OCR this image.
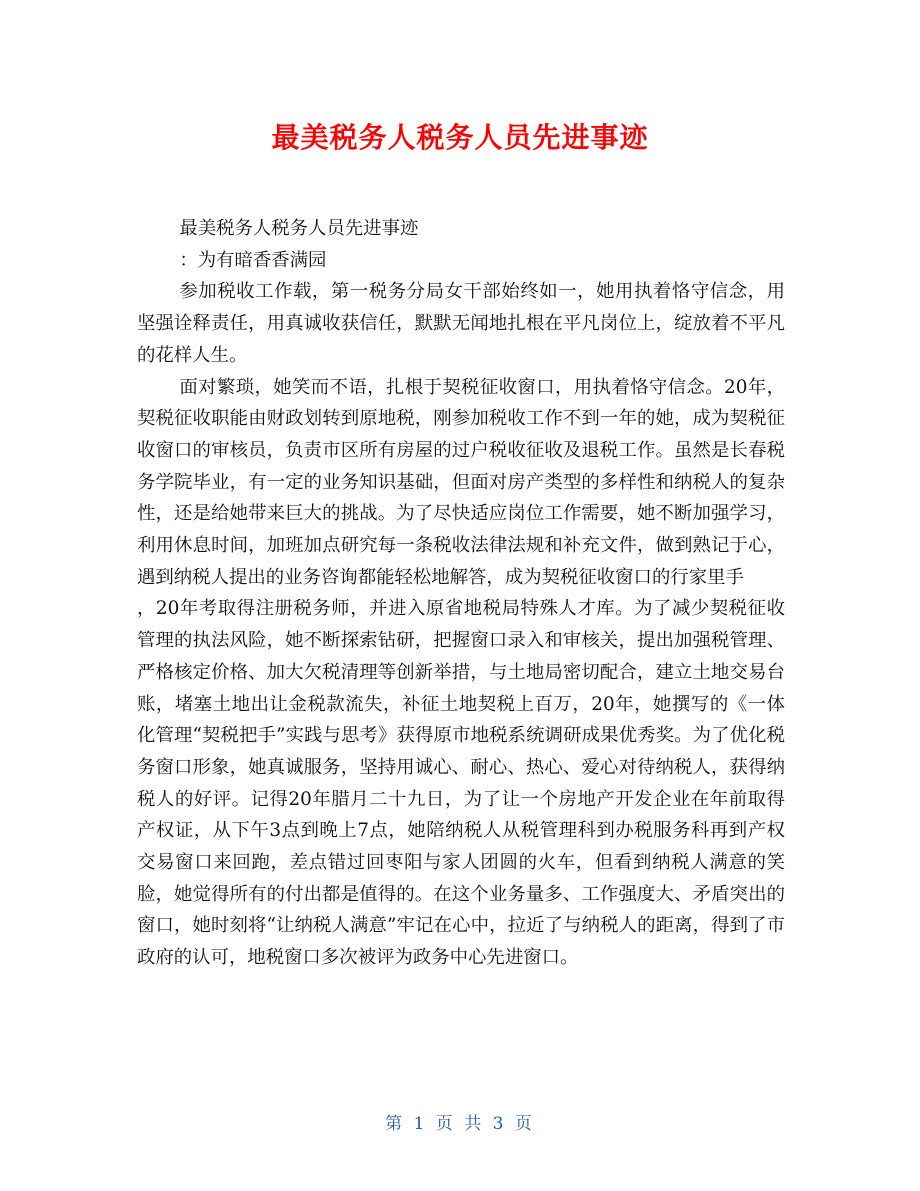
最美税务人税务人员先进事迹

最美税务人税务人员先进事迹

：为有暗香香满园

参加税收工作载，第一税务分局女干部始终如一，她用执着恪守信念，用坚强诠释责任，用真诚收获信任，默默无闻地扎根在平凡岗位上，绽放着不平凡的花样人生。

面对繁琐，她笑而不语，扎根于契税征收窗口，用执着恪守信念。20年，契税征收职能由财政划转到原地税，刚参加税收工作不到一年的她，成为契税征收窗口的审核员，负责市区所有房屋的过户税收征收及退税工作。虽然是长春税务学院毕业，有一定的业务知识基础，但面对房产类型的多样性和纳税人的复杂性，还是给她带来巨大的挑战。为了尽快适应岗位工作需要，她不断加强学习，利用休息时间，加班加点研究每一条税收法律法规和补充文件，做到熟记于心，遇到纳税人提出的业务咨询都能轻松地解答，成为契税征收窗口的行家里手

，20年考取得注册税务师，并进入原省地税局特殊人才库。为了减少契税征收管理的执法风险，她不断探索钻研，把握窗口录入和审核关，提出加强税管理、严格核定价格、加大欠税清理等创新举措，与土地局密切配合，建立土地交易台账，堵塞土地出让金税款流失，补征土地契税上百万，20年，她撰写的《一体化管理“契税把手”实践与思考》获得原市地税系统调研成果优秀奖。为了优化税务窗口形象，她真诚服务，坚持用诚心、耐心、热心、爱心对待纳税人，获得纳税人的好评。记得20年腊月二十九日，为了让一个房地产开发企业在年前取得产权证，从下午3点到晚上7点，她陪纳税人从税管理科到办税服务科再到产权交易窗口来回跑，差点错过回枣阳与家人团圆的火车，但看到纳税人满意的笑脸，她觉得所有的付出都是值得的。在这个业务量多、工作强度大、矛盾突出的窗口，她时刻将“让纳税人满意”牢记在心中，拉近了与纳税人的距离，得到了市政府的认可，地税窗口多次被评为政务中心先进窗口。

第 1 页 共 3 页
